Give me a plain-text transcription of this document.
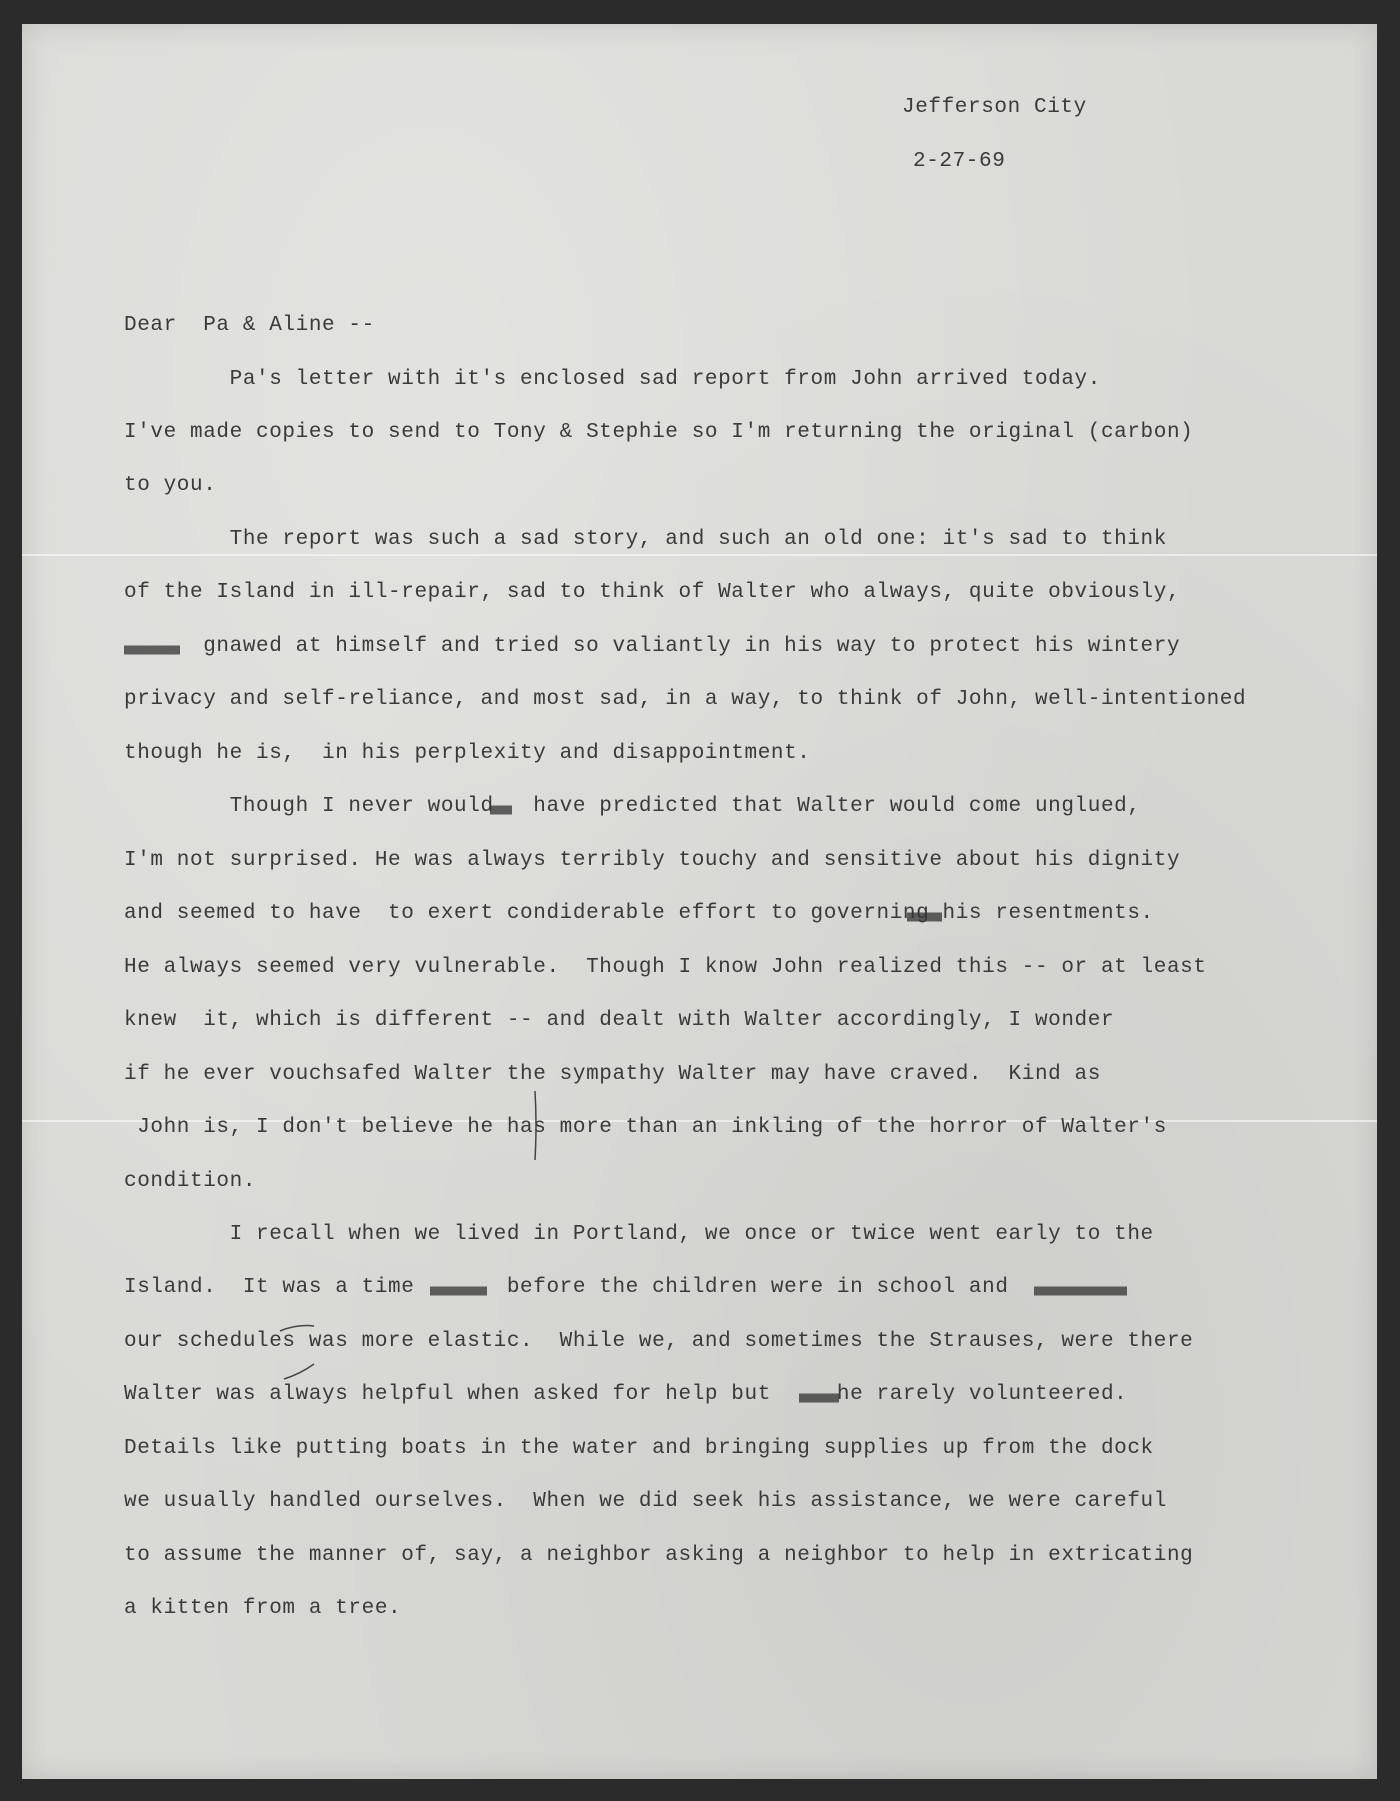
Jefferson City
2-27-69
Dear  Pa & Aline --

Pa's letter with it's enclosed sad report from John arrived today.

I've made copies to send to Tony & Stephie so I'm returning the original (carbon)

to you.

The report was such a sad story, and such an old one: it's sad to think

of the Island in ill-repair, sad to think of Walter who always, quite obviously,

gnawed at himself and tried so valiantly in his way to protect his wintery

privacy and self-reliance, and most sad, in a way, to think of John, well-intentioned

though he is,  in his perplexity and disappointment.

Though I never would   have predicted that Walter would come unglued,

I'm not surprised. He was always terribly touchy and sensitive about his dignity

and seemed to have  to exert condiderable effort to governing his resentments.

He always seemed very vulnerable.  Though I know John realized this -- or at least

knew  it, which is different -- and dealt with Walter accordingly, I wonder

if he ever vouchsafed Walter the sympathy Walter may have craved.  Kind as

John is, I don't believe he has more than an inkling of the horror of Walter's

condition.

I recall when we lived in Portland, we once or twice went early to the

Island.  It was a time       before the children were in school and

our schedules was more elastic.  While we, and sometimes the Strauses, were there

Walter was always helpful when asked for help but     he rarely volunteered.

Details like putting boats in the water and bringing supplies up from the dock

we usually handled ourselves.  When we did seek his assistance, we were careful

to assume the manner of, say, a neighbor asking a neighbor to help in extricating

a kitten from a tree.
